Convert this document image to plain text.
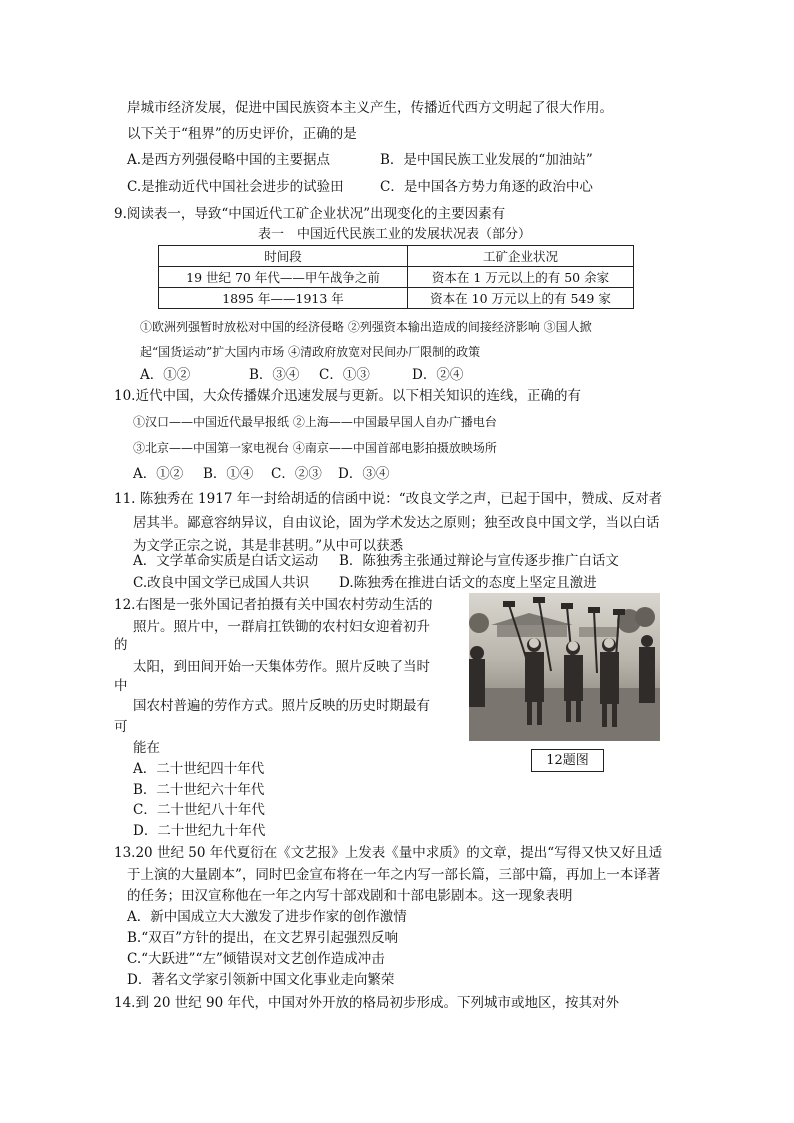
岸城市经济发展，促进中国民族资本主义产生，传播近代西方文明起了很大作用。
以下关于“租界”的历史评价，正确的是
A.是西方列强侵略中国的主要据点	B．是中国民族工业发展的“加油站”
C.是推动近代中国社会进步的试验田	C．是中国各方势力角逐的政治中心
9.阅读表一，导致“中国近代工矿企业状况”出现变化的主要因素有
表一　中国近代民族工业的发展状况表（部分）
时间段	工矿企业状况
19 世纪 70 年代——甲午战争之前	资本在 1 万元以上的有 50 余家
1895 年——1913 年	资本在 10 万元以上的有 549 家
①欧洲列强暂时放松对中国的经济侵略 ②列强资本输出造成的间接经济影响 ③国人掀
起“国货运动”扩大国内市场 ④清政府放宽对民间办厂限制的政策
A．①②	B．③④ C．①③	D．②④
10.近代中国，大众传播媒介迅速发展与更新。以下相关知识的连线，正确的有
①汉口——中国近代最早报纸 ②上海——中国最早国人自办广播电台
③北京——中国第一家电视台 ④南京——中国首部电影拍摄放映场所
A．①② B．①④ C．②③ D．③④
11. 陈独秀在 1917 年一封给胡适的信函中说：“改良文学之声，已起于国中，赞成、反对者
居其半。鄙意容纳异议，自由议论，固为学术发达之原则；独至改良中国文学，当以白话
为文学正宗之说，其是非甚明。”从中可以获悉
A．文学革命实质是白话文运动 B．陈独秀主张通过辩论与宣传逐步推广白话文
C.改良中国文学已成国人共识 D.陈独秀在推进白话文的态度上坚定且激进
12.右图是一张外国记者拍摄有关中国农村劳动生活的
照片。照片中，一群肩扛铁锄的农村妇女迎着初升
的
太阳，到田间开始一天集体劳作。照片反映了当时
中
国农村普遍的劳作方式。照片反映的历史时期最有
可
能在
A．二十世纪四十年代
B．二十世纪六十年代
C．二十世纪八十年代
D．二十世纪九十年代
12题图
13.20 世纪 50 年代夏衍在《文艺报》上发表《量中求质》的文章，提出“写得又快又好且适
于上演的大量剧本”，同时巴金宣布将在一年之内写一部长篇，三部中篇，再加上一本译著
的任务；田汉宣称他在一年之内写十部戏剧和十部电影剧本。这一现象表明
A．新中国成立大大激发了进步作家的创作激情
B.“双百”方针的提出，在文艺界引起强烈反响
C.“大跃进”“左”倾错误对文艺创作造成冲击
D．著名文学家引领新中国文化事业走向繁荣
14.到 20 世纪 90 年代，中国对外开放的格局初步形成。下列城市或地区，按其对外
